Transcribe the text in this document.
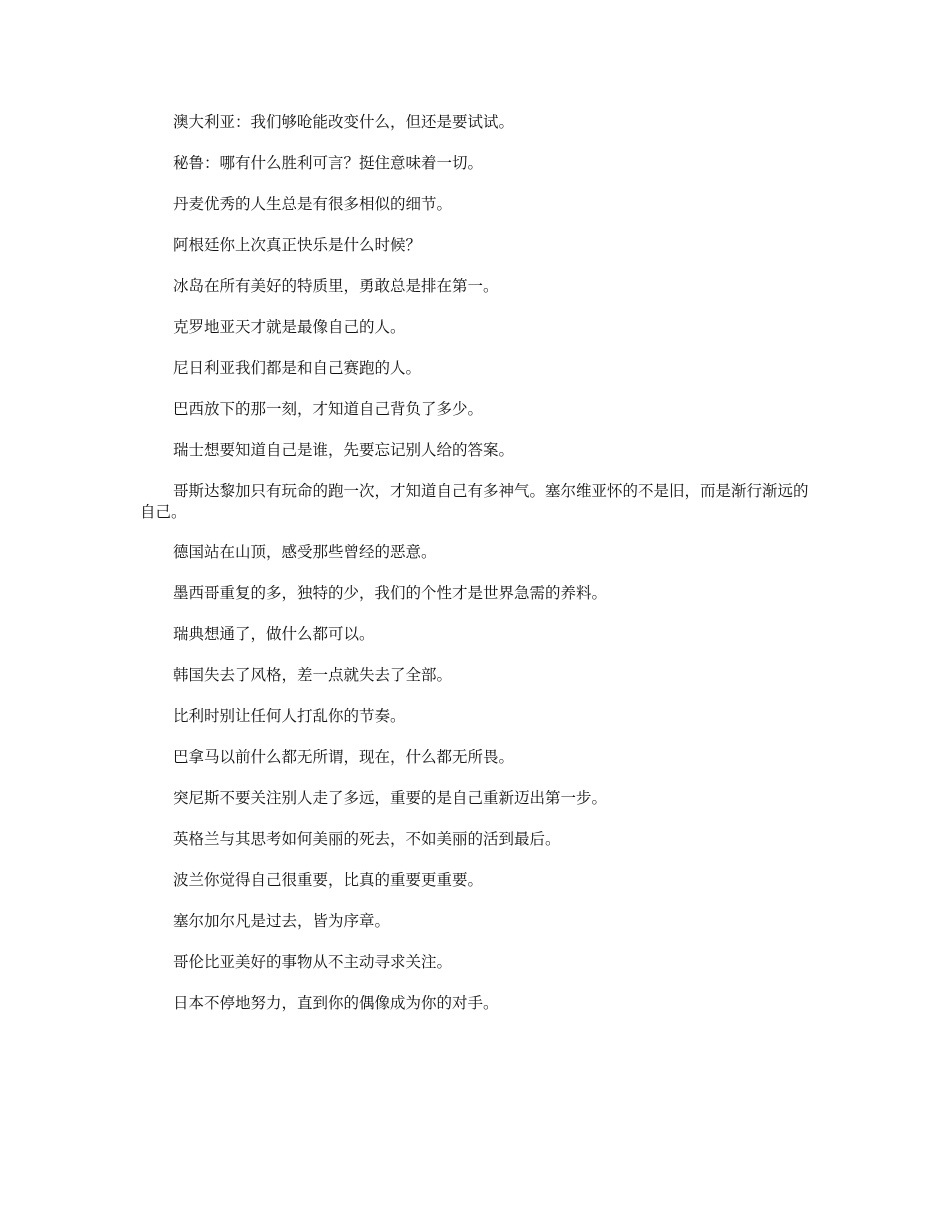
澳大利亚：我们够呛能改变什么，但还是要试试。

秘鲁：哪有什么胜利可言？挺住意味着一切。

丹麦优秀的人生总是有很多相似的细节。

阿根廷你上次真正快乐是什么时候？

冰岛在所有美好的特质里，勇敢总是排在第一。

克罗地亚天才就是最像自己的人。

尼日利亚我们都是和自己赛跑的人。

巴西放下的那一刻，才知道自己背负了多少。

瑞士想要知道自己是谁，先要忘记别人给的答案。

哥斯达黎加只有玩命的跑一次，才知道自己有多神气。塞尔维亚怀的不是旧，而是渐行渐远的自己。

德国站在山顶，感受那些曾经的恶意。

墨西哥重复的多，独特的少，我们的个性才是世界急需的养料。

瑞典想通了，做什么都可以。

韩国失去了风格，差一点就失去了全部。

比利时别让任何人打乱你的节奏。

巴拿马以前什么都无所谓，现在，什么都无所畏。

突尼斯不要关注别人走了多远，重要的是自己重新迈出第一步。

英格兰与其思考如何美丽的死去，不如美丽的活到最后。

波兰你觉得自己很重要，比真的重要更重要。

塞尔加尔凡是过去，皆为序章。

哥伦比亚美好的事物从不主动寻求关注。

日本不停地努力，直到你的偶像成为你的对手。
